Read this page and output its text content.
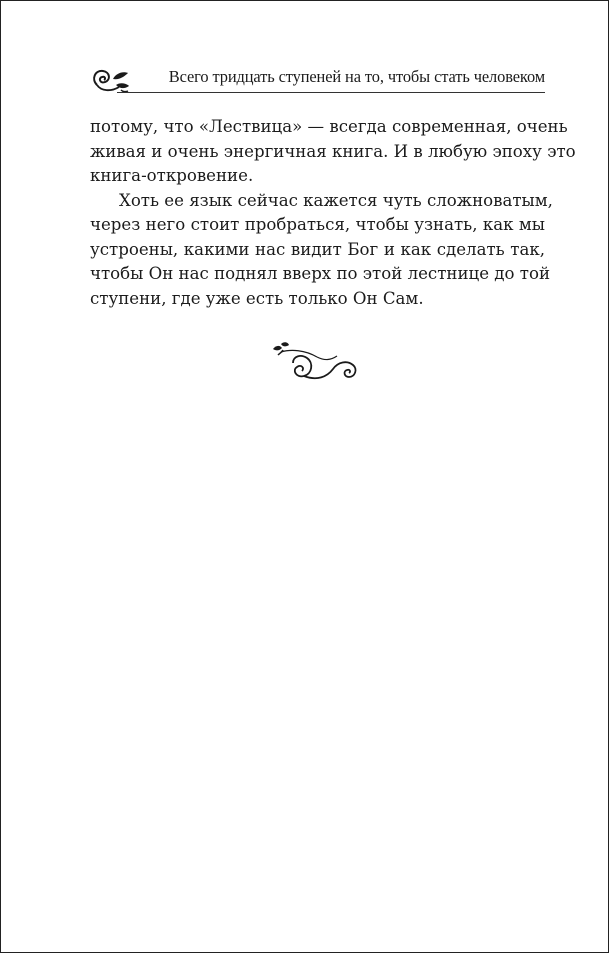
Всего тридцать ступеней на то, чтобы стать человеком

потому, что «Лествица» — всегда современная, очень
живая и очень энергичная книга. И в любую эпоху это
книга-откровение.

Хоть ее язык сейчас кажется чуть сложноватым,
через него стоит пробраться, чтобы узнать, как мы
устроены, какими нас видит Бог и как сделать так,
чтобы Он нас поднял вверх по этой лестнице до той
ступени, где уже есть только Он Сам.
